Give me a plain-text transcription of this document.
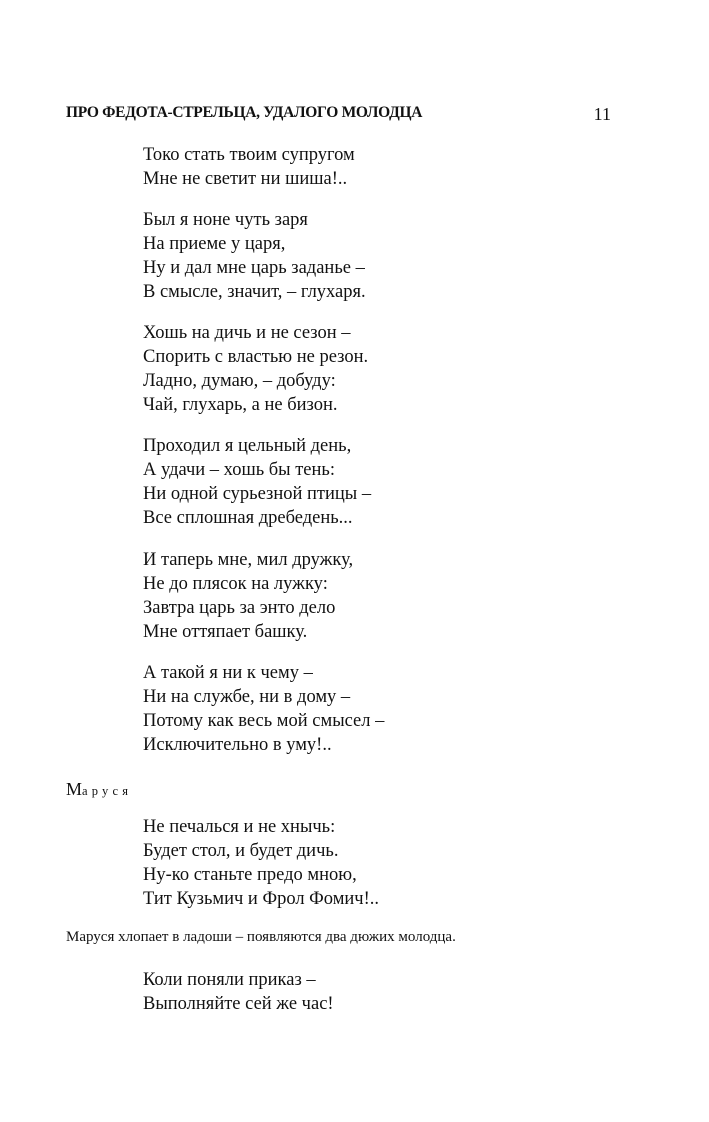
ПРО ФЕДОТА-СТРЕЛЬЦА, УДАЛОГО МОЛОДЦА	11
Токо стать твоим супругом
Мне не светит ни шиша!..
Был я ноне чуть заря
На приеме у царя,
Ну и дал мне царь заданье –
В смысле, значит, – глухаря.
Хошь на дичь и не сезон –
Спорить с властью не резон.
Ладно, думаю, – добуду:
Чай, глухарь, а не бизон.
Проходил я цельный день,
А удачи – хошь бы тень:
Ни одной сурьезной птицы –
Все сплошная дребедень...
И таперь мне, мил дружку,
Не до плясок на лужку:
Завтра царь за энто дело
Мне оттяпает башку.
А такой я ни к чему –
Ни на службе, ни в дому –
Потому как весь мой смысел –
Исключительно в уму!..
Маруся
Не печалься и не хнычь:
Будет стол, и будет дичь.
Ну-ко станьте предо мною,
Тит Кузьмич и Фрол Фомич!..
Маруся хлопает в ладоши – появляются два дюжих молодца.
Коли поняли приказ –
Выполняйте сей же час!
